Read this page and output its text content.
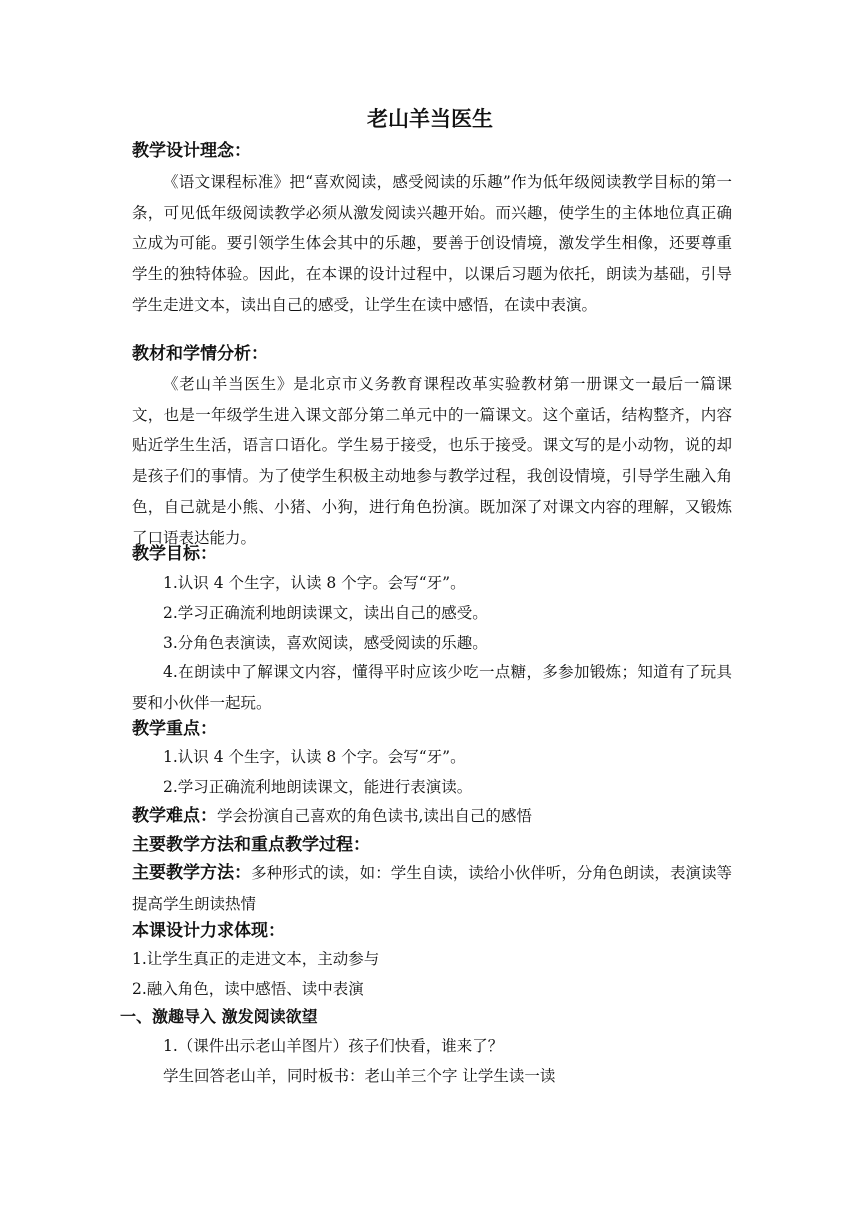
老山羊当医生
教学设计理念：
《语文课程标准》把“喜欢阅读，感受阅读的乐趣”作为低年级阅读教学目标的第一条，可见低年级阅读教学必须从激发阅读兴趣开始。而兴趣，使学生的主体地位真正确立成为可能。要引领学生体会其中的乐趣，要善于创设情境，激发学生相像，还要尊重学生的独特体验。因此，在本课的设计过程中，以课后习题为依托，朗读为基础，引导学生走进文本，读出自己的感受，让学生在读中感悟，在读中表演。
教材和学情分析：
《老山羊当医生》是北京市义务教育课程改革实验教材第一册课文一最后一篇课文，也是一年级学生进入课文部分第二单元中的一篇课文。这个童话，结构整齐，内容贴近学生生活，语言口语化。学生易于接受，也乐于接受。课文写的是小动物，说的却是孩子们的事情。为了使学生积极主动地参与教学过程，我创设情境，引导学生融入角色，自己就是小熊、小猪、小狗，进行角色扮演。既加深了对课文内容的理解，又锻炼了口语表达能力。
教学目标：
1.认识 4 个生字，认读 8 个字。会写“牙”。
2.学习正确流利地朗读课文，读出自己的感受。
3.分角色表演读，喜欢阅读，感受阅读的乐趣。
4.在朗读中了解课文内容，懂得平时应该少吃一点糖，多参加锻炼；知道有了玩具要和小伙伴一起玩。
教学重点：
1.认识 4 个生字，认读 8 个字。会写“牙”。
2.学习正确流利地朗读课文，能进行表演读。
教学难点：学会扮演自己喜欢的角色读书,读出自己的感悟
主要教学方法和重点教学过程：
主要教学方法：多种形式的读，如：学生自读，读给小伙伴听，分角色朗读，表演读等提高学生朗读热情
本课设计力求体现：
1.让学生真正的走进文本，主动参与
2.融入角色，读中感悟、读中表演
一、激趣导入 激发阅读欲望
1.（课件出示老山羊图片）孩子们快看，谁来了？
学生回答老山羊，同时板书：老山羊三个字 让学生读一读
